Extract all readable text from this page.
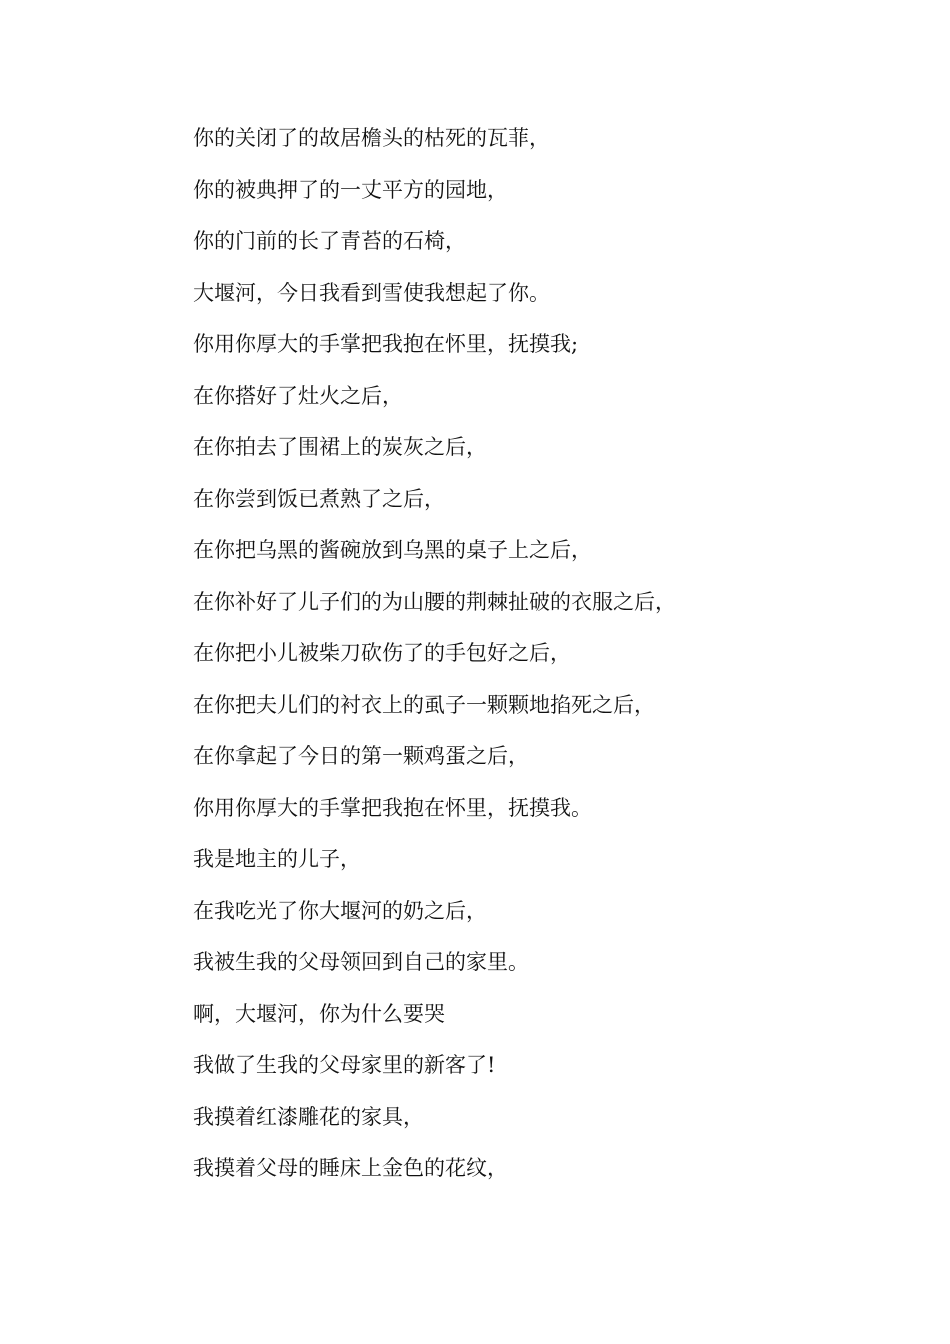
你的关闭了的故居檐头的枯死的瓦菲，
你的被典押了的一丈平方的园地，
你的门前的长了青苔的石椅，
大堰河，今日我看到雪使我想起了你。
你用你厚大的手掌把我抱在怀里，抚摸我;
在你搭好了灶火之后，
在你拍去了围裙上的炭灰之后，
在你尝到饭已煮熟了之后，
在你把乌黑的酱碗放到乌黑的桌子上之后，
在你补好了儿子们的为山腰的荆棘扯破的衣服之后，
在你把小儿被柴刀砍伤了的手包好之后，
在你把夫儿们的衬衣上的虱子一颗颗地掐死之后，
在你拿起了今日的第一颗鸡蛋之后，
你用你厚大的手掌把我抱在怀里，抚摸我。
我是地主的儿子，
在我吃光了你大堰河的奶之后，
我被生我的父母领回到自己的家里。
啊，大堰河，你为什么要哭
我做了生我的父母家里的新客了!
我摸着红漆雕花的家具，
我摸着父母的睡床上金色的花纹，
